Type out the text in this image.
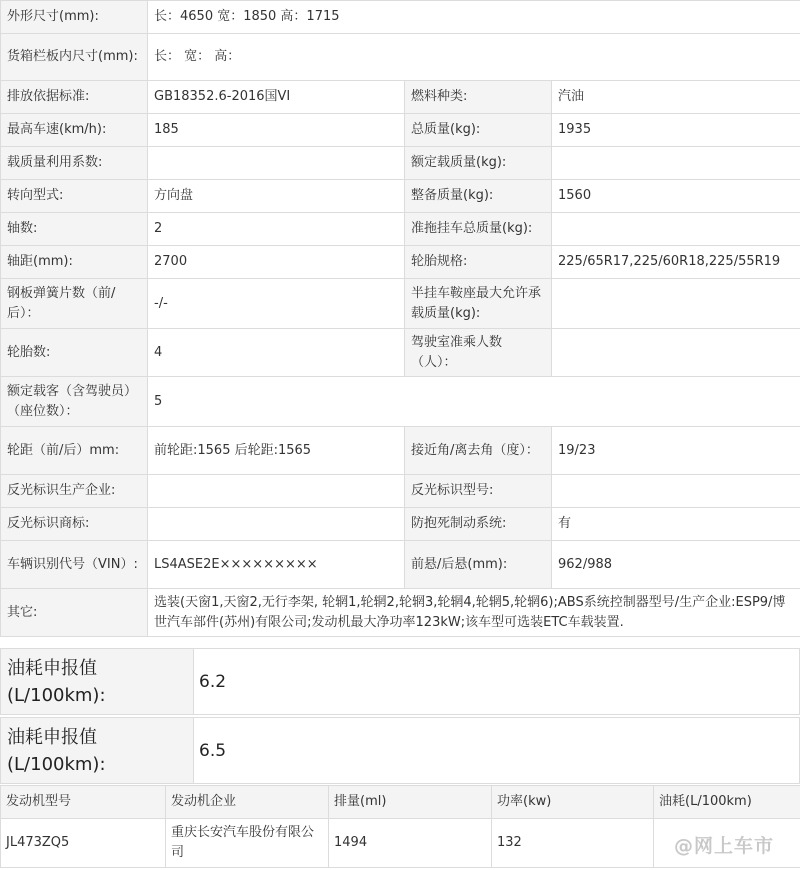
外形尺寸(mm):	长：4650 宽：1850 高：1715		
货箱栏板内尺寸(mm):	长： 宽： 高：		
排放依据标准:	GB18352.6-2016国VI	燃料种类:	汽油
最高车速(km/h):	185	总质量(kg):	1935
载质量利用系数:		额定载质量(kg):	
转向型式:	方向盘	整备质量(kg):	1560
轴数:	2	准拖挂车总质量(kg):	
轴距(mm):	2700	轮胎规格:	225/65R17,225/60R18,225/55R19
钢板弹簧片数（前/后）：	-/-	半挂车鞍座最大允许承载质量(kg):	
轮胎数:	4	驾驶室准乘人数（人）：	
额定载客（含驾驶员）（座位数）：	5		
轮距（前/后）mm:	前轮距:1565 后轮距:1565	接近角/离去角（度）：	19/23
反光标识生产企业:		反光标识型号:	
反光标识商标:		防抱死制动系统:	有
车辆识别代号（VIN）:	LS4ASE2E×××××××××	前悬/后悬(mm):	962/988
其它:	选装(天窗1,天窗2,无行李架, 轮辋1,轮辋2,轮辋3,轮辋4,轮辋5,轮辋6);ABS系统控制器型号/生产企业:ESP9/博世汽车部件(苏州)有限公司;发动机最大净功率123kW;该车型可选装ETC车载装置.		
油耗申报值(L/100km):	6.2
油耗申报值(L/100km):	6.5
发动机型号	发动机企业	排量(ml)	功率(kw)	油耗(L/100km)
JL473ZQ5	重庆长安汽车股份有限公司	1494	132		@网上车市
